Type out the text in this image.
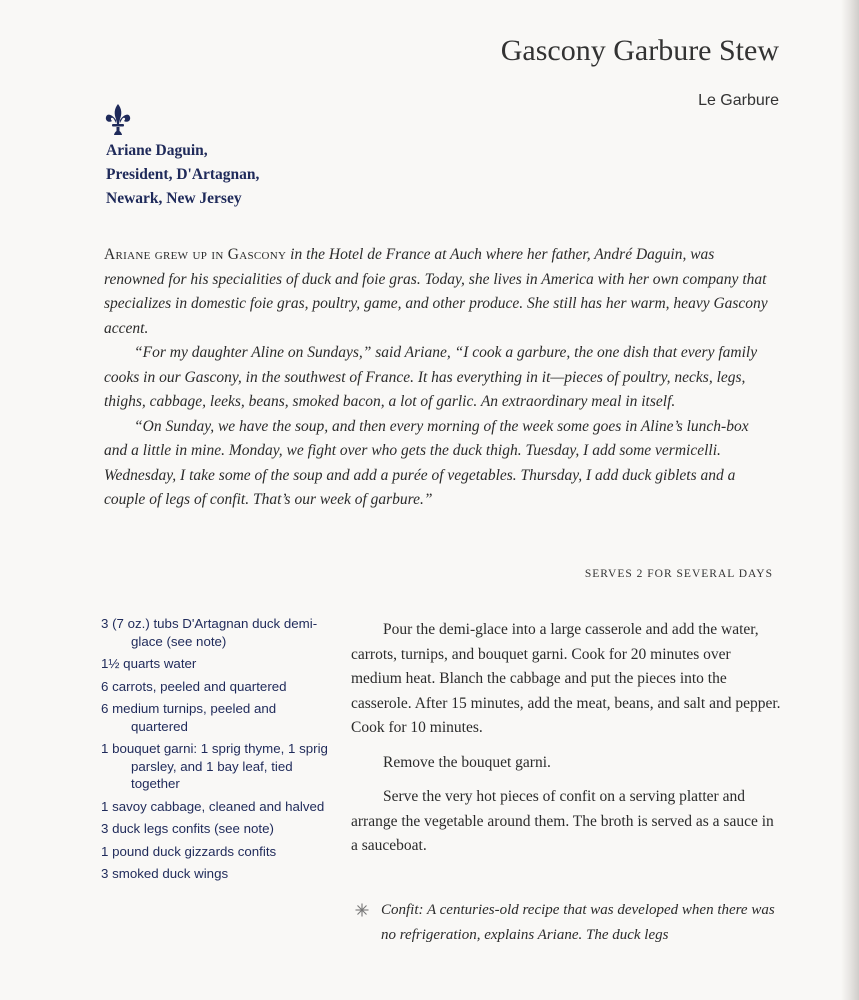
Gascony Garbure Stew
Le Garbure
Ariane Daguin,
President, D'Artagnan,
Newark, New Jersey

Ariane grew up in Gascony in the Hotel de France at Auch where her father, André Daguin, was renowned for his specialities of duck and foie gras. Today, she lives in America with her own company that specializes in domestic foie gras, poultry, game, and other produce. She still has her warm, heavy Gascony accent.

“For my daughter Aline on Sundays,” said Ariane, “I cook a garbure, the one dish that every family cooks in our Gascony, in the southwest of France. It has everything in it—pieces of poultry, necks, legs, thighs, cabbage, leeks, beans, smoked bacon, a lot of garlic. An extraordinary meal in itself.

“On Sunday, we have the soup, and then every morning of the week some goes in Aline’s lunch-box and a little in mine. Monday, we fight over who gets the duck thigh. Tuesday, I add some vermicelli. Wednesday, I take some of the soup and add a purée of vegetables. Thursday, I add duck giblets and a couple of legs of confit. That’s our week of garbure.”

SERVES 2 FOR SEVERAL DAYS
3 (7 oz.) tubs D'Artagnan duck demi-glace (see note)
1½ quarts water
6 carrots, peeled and quartered
6 medium turnips, peeled and quartered
1 bouquet garni: 1 sprig thyme, 1 sprig parsley, and 1 bay leaf, tied together
1 savoy cabbage, cleaned and halved
3 duck legs confits (see note)
1 pound duck gizzards confits
3 smoked duck wings

Pour the demi-glace into a large casserole and add the water, carrots, turnips, and bouquet garni. Cook for 20 minutes over medium heat. Blanch the cabbage and put the pieces into the casserole. After 15 minutes, add the meat, beans, and salt and pepper. Cook for 10 minutes.

Remove the bouquet garni.

Serve the very hot pieces of confit on a serving platter and arrange the vegetable around them. The broth is served as a sauce in a sauceboat.

Confit: A centuries-old recipe that was developed when there was no refrigeration, explains Ariane. The duck legs
